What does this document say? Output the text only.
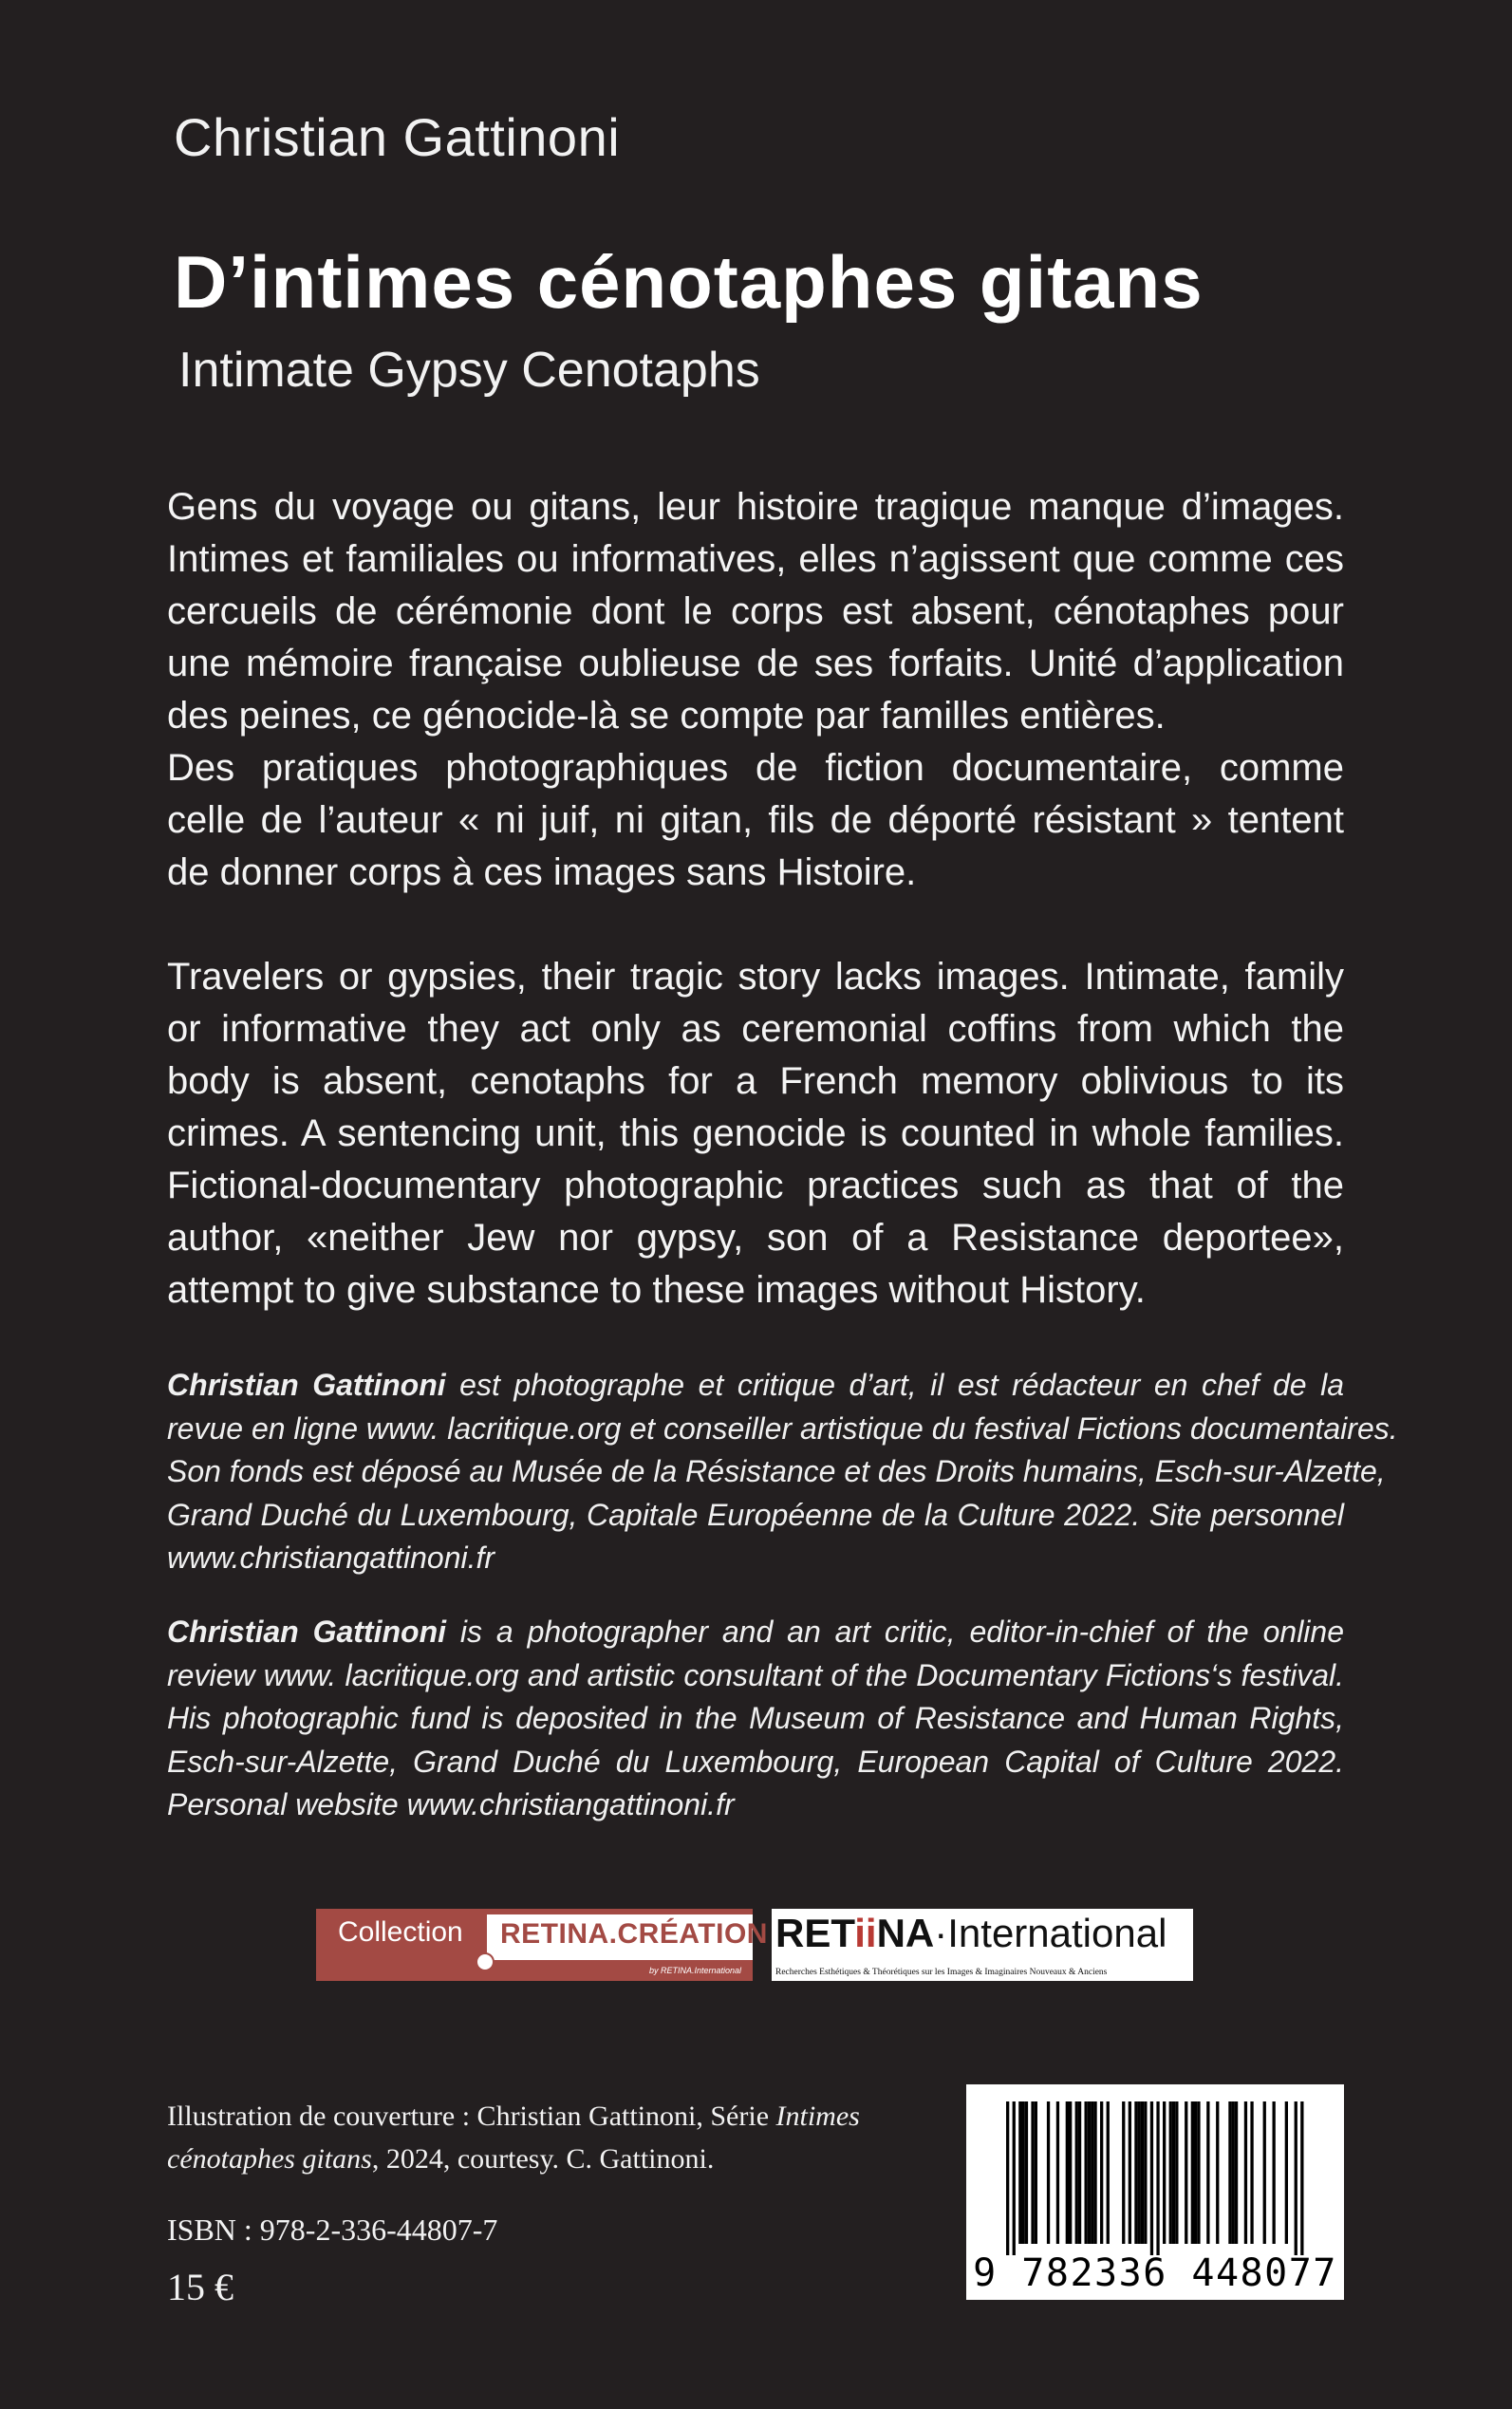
Christian Gattinoni

D’intimes cénotaphes gitans

Intimate Gypsy Cenotaphs

Gens du voyage ou gitans, leur histoire tragique manque d’images.
Intimes et familiales ou informatives, elles n’agissent que comme ces
cercueils de cérémonie dont le corps est absent, cénotaphes pour
une mémoire française oublieuse de ses forfaits. Unité d’application
des peines, ce génocide-là se compte par familles entières.
Des pratiques photographiques de fiction documentaire, comme
celle de l’auteur « ni juif, ni gitan, fils de déporté résistant » tentent
de donner corps à ces images sans Histoire.
Travelers or gypsies, their tragic story lacks images. Intimate, family
or informative they act only as ceremonial coffins from which the
body is absent, cenotaphs for a French memory oblivious to its
crimes. A sentencing unit, this genocide is counted in whole families.
Fictional-documentary photographic practices such as that of the
author, «neither Jew nor gypsy, son of a Resistance deportee»,
attempt to give substance to these images without History.
Christian Gattinoni est photographe et critique d’art, il est rédacteur en chef de la
revue en ligne www. lacritique.org et conseiller artistique du festival Fictions documentaires.
Son fonds est déposé au Musée de la Résistance et des Droits humains, Esch-sur-Alzette,
Grand Duché du Luxembourg, Capitale Européenne de la Culture 2022. Site personnel
www.christiangattinoni.fr
Christian Gattinoni is a photographer and an art critic, editor-in-chief of the online
review www. lacritique.org and artistic consultant of the Documentary Fictions‘s festival.
His photographic fund is deposited in the Museum of Resistance and Human Rights,
Esch-sur-Alzette, Grand Duché du Luxembourg, European Capital of Culture 2022.
Personal website www.christiangattinoni.fr
Collection RETINA.CRÉATION
by RETINA.International
RETiiNA·International
Recherches Esthétiques & Théorétiques sur les Images & Imaginaires Nouveaux & Anciens

Illustration de couverture : Christian Gattinoni, Série Intimes
cénotaphes gitans, 2024, courtesy. C. Gattinoni.

ISBN : 978-2-336-44807-7

15 €	9 782336 448077
